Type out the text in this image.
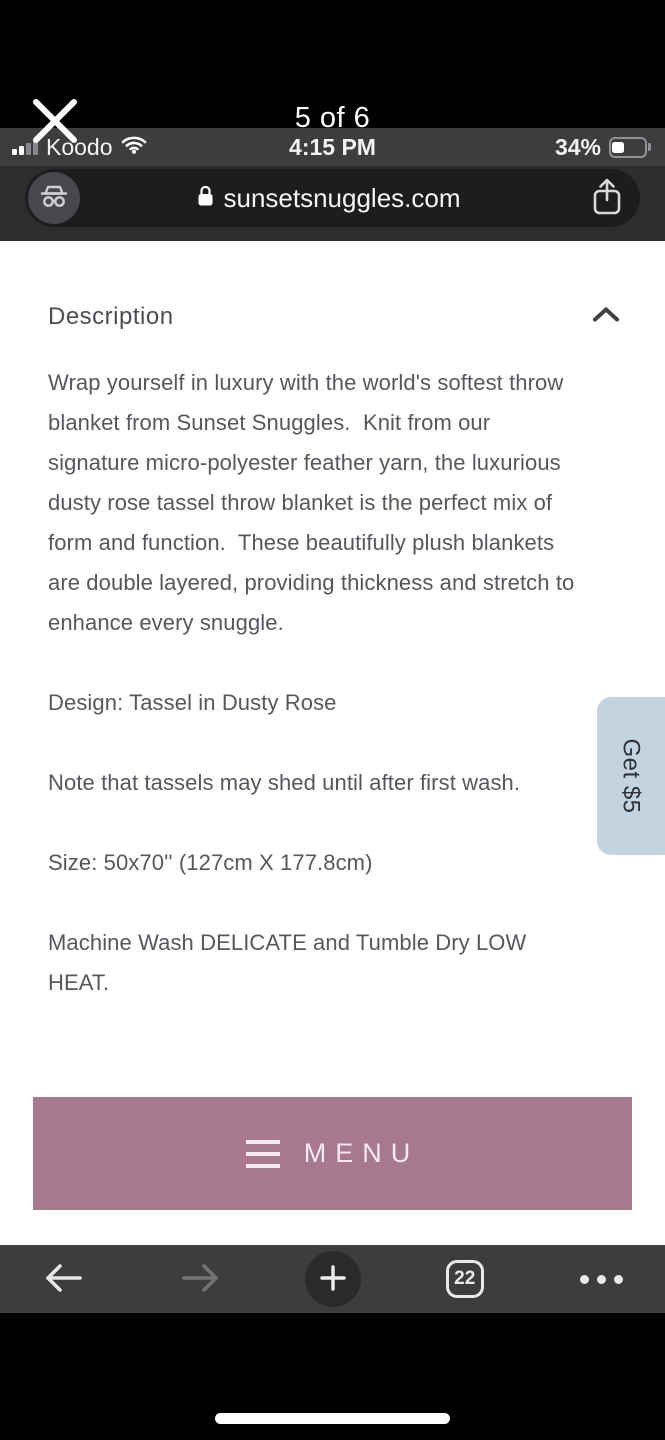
5 of 6
Koodo	4:15 PM	34%
sunsetsnuggles.com
Description

Wrap yourself in luxury with the world's softest throw blanket from Sunset Snuggles.  Knit from our signature micro-polyester feather yarn, the luxurious dusty rose tassel throw blanket is the perfect mix of form and function.  These beautifully plush blankets are double layered, providing thickness and stretch to enhance every snuggle.

Design: Tassel in Dusty Rose

Note that tassels may shed until after first wash.

Size: 50x70'' (127cm X 177.8cm)

Machine Wash DELICATE and Tumble Dry LOW HEAT.

MENU
Get $5
22
